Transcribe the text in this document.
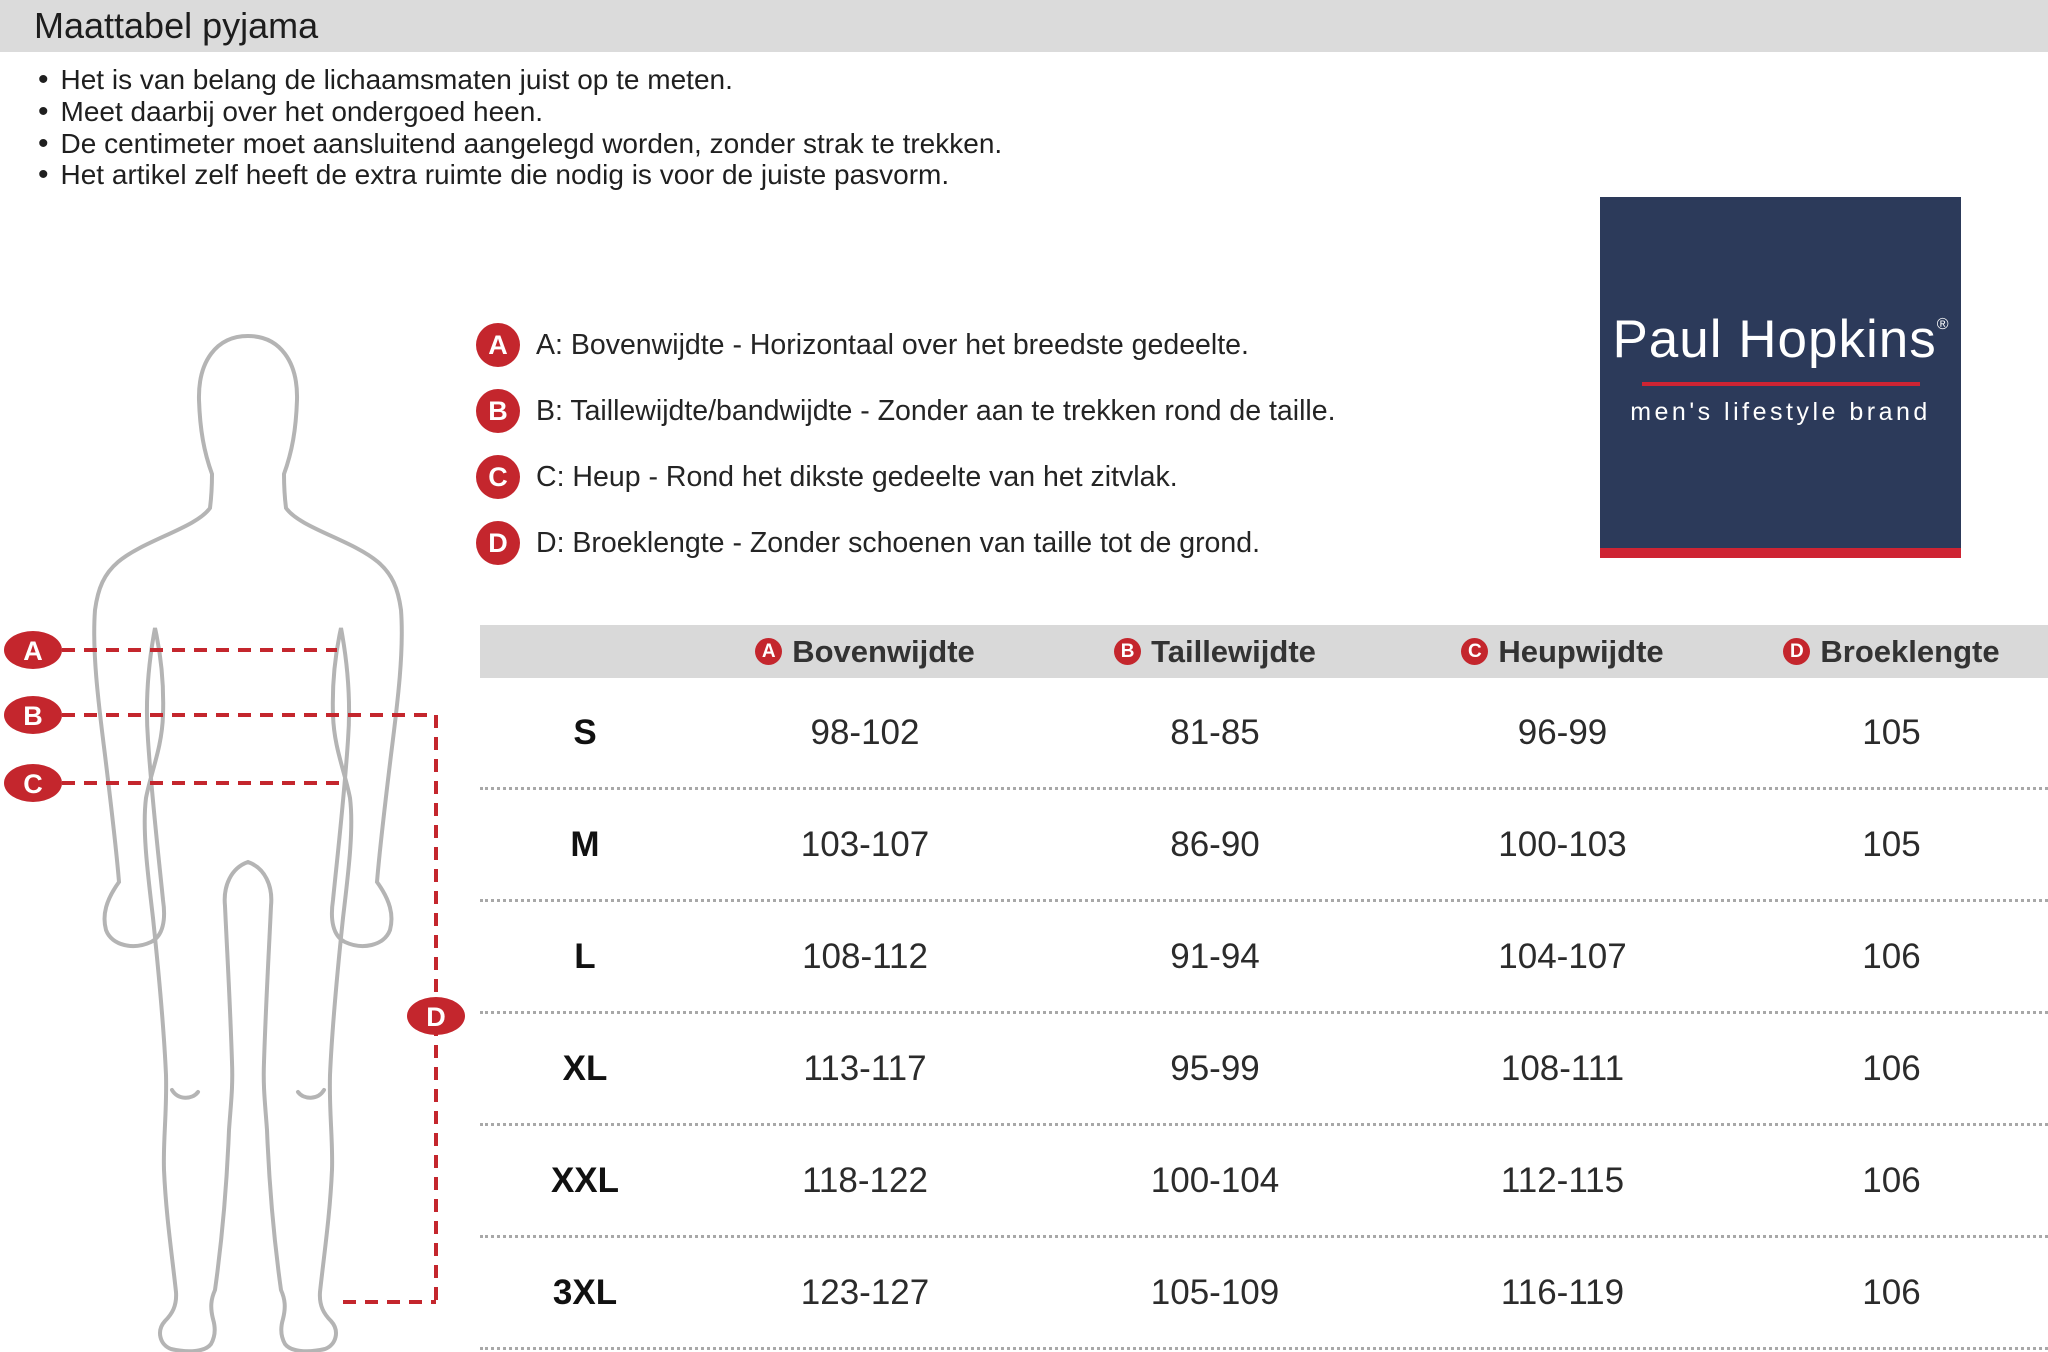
Maattabel pyjama
• Het is van belang de lichaamsmaten juist op te meten.
• Meet daarbij over het ondergoed heen.
• De centimeter moet aansluitend aangelegd worden, zonder strak te trekken.
• Het artikel zelf heeft de extra ruimte die nodig is voor de juiste pasvorm.
A A: Bovenwijdte - Horizontaal over het breedste gedeelte.
B B: Taillewijdte/bandwijdte - Zonder aan te trekken rond de taille.
C C: Heup - Rond het dikste gedeelte van het zitvlak.
D D: Broeklengte - Zonder schoenen van taille tot de grond.
Paul Hopkins®
men's lifestyle brand
A
B
C
D
A Bovenwijdte	B Taillewijdte	C Heupwijdte	D Broeklengte
S	98-102	81-85	96-99	105
M	103-107	86-90	100-103	105
L	108-112	91-94	104-107	106
XL	113-117	95-99	108-111	106
XXL	118-122	100-104	112-115	106
3XL	123-127	105-109	116-119	106
